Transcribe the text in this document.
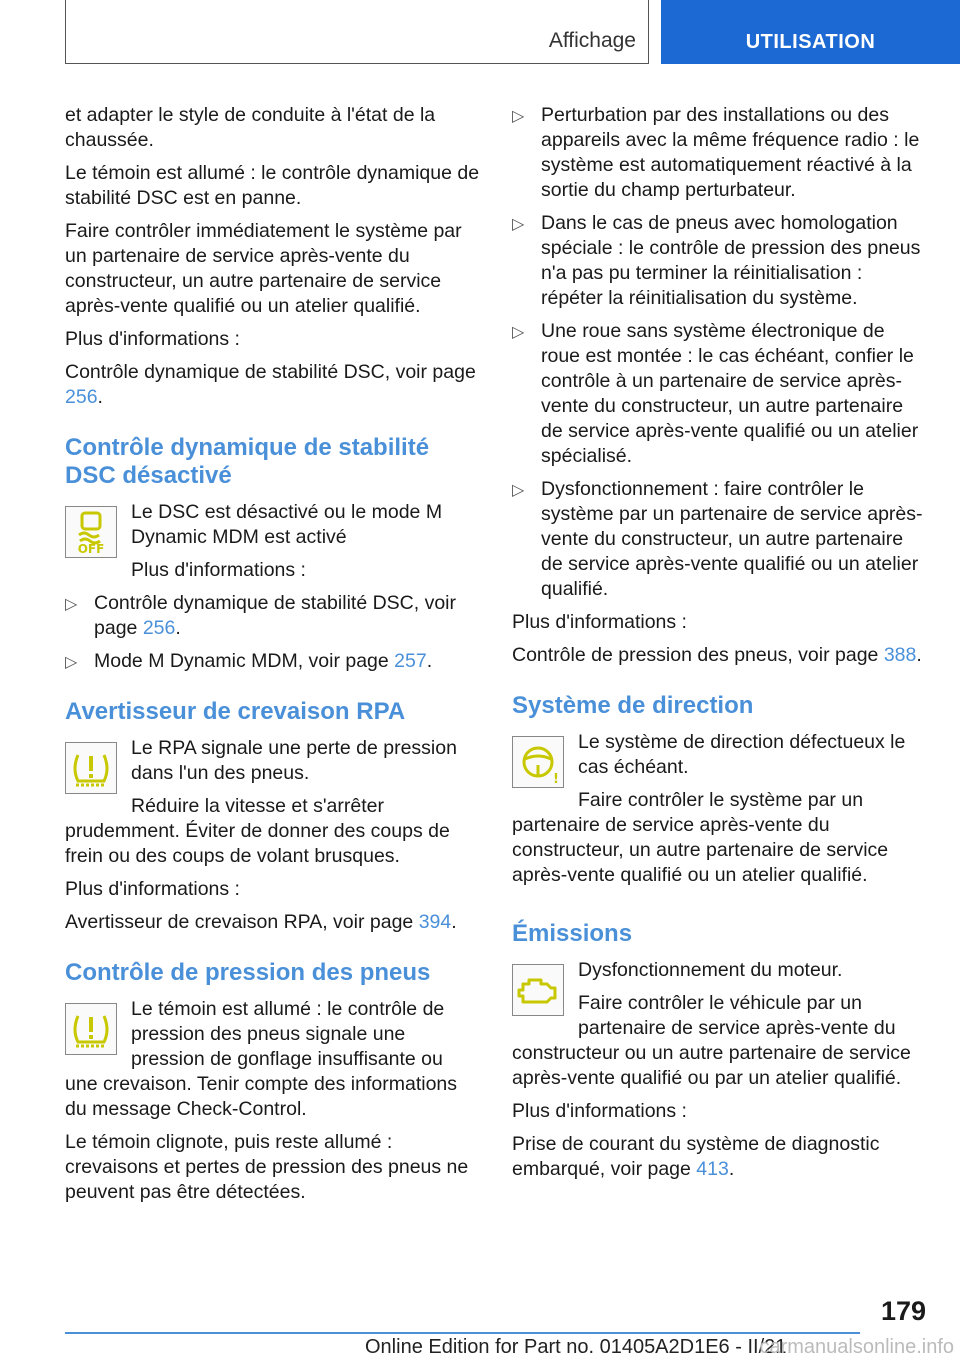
Affichage	UTILISATION

et adapter le style de conduite à l'état de la chaussée.

Le témoin est allumé : le contrôle dynamique de stabilité DSC est en panne.

Faire contrôler immédiatement le système par un partenaire de service après-vente du constructeur, un autre partenaire de service après-vente qualifié ou un atelier qualifié.

Plus d'informations :

Contrôle dynamique de stabilité DSC, voir page 256.

Contrôle dynamique de stabilité DSC désactivé
OFF

Le DSC est désactivé ou le mode M Dynamic MDM est activé

Plus d'informations :

▷ Contrôle dynamique de stabilité DSC, voir page 256.
▷ Mode M Dynamic MDM, voir page 257.
Avertisseur de crevaison RPA

Le RPA signale une perte de pression dans l'un des pneus.

Réduire la vitesse et s'arrêter prudemment. Éviter de donner des coups de frein ou des coups de volant brusques.

Plus d'informations :

Avertisseur de crevaison RPA, voir page 394.

Contrôle de pression des pneus

Le témoin est allumé : le contrôle de pression des pneus signale une pression de gonflage insuffisante ou une crevaison. Tenir compte des informations du message Check-Control.

Le témoin clignote, puis reste allumé : crevaisons et pertes de pression des pneus ne peuvent pas être détectées.

▷ Perturbation par des installations ou des appareils avec la même fréquence radio : le système est automatiquement réactivé à la sortie du champ perturbateur.
▷ Dans le cas de pneus avec homologation spéciale : le contrôle de pression des pneus n'a pas pu terminer la réinitialisation : répéter la réinitialisation du système.
▷ Une roue sans système électronique de roue est montée : le cas échéant, confier le contrôle à un partenaire de service après-vente du constructeur, un autre partenaire de service après-vente qualifié ou un atelier spécialisé.
▷ Dysfonctionnement : faire contrôler le système par un partenaire de service après-vente du constructeur, un autre partenaire de service après-vente qualifié ou un atelier qualifié.

Plus d'informations :

Contrôle de pression des pneus, voir page 388.

Système de direction
!

Le système de direction défectueux le cas échéant.

Faire contrôler le système par un partenaire de service après-vente du constructeur, un autre partenaire de service après-vente qualifié ou un atelier qualifié.

Émissions

Dysfonctionnement du moteur.

Faire contrôler le véhicule par un partenaire de service après-vente du constructeur ou un autre partenaire de service après-vente qualifié ou par un atelier qualifié.

Plus d'informations :

Prise de courant du système de diagnostic embarqué, voir page 413.

179
Online Edition for Part no. 01405A2D1E6 - II/21
carmanualsonline.info
